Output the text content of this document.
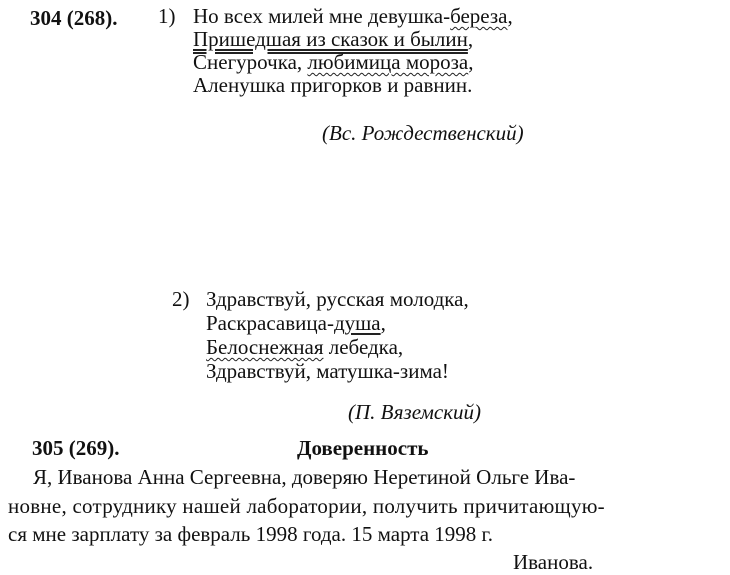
304 (268). 1) Но всех милей мне девушка-береза,
Пришедшая из сказок и былин,
Снегурочка, любимица мороза,
Аленушка пригорков и равнин.
(Вс. Рождественский)
2) Здравствуй, русская молодка,
Раскрасавица-душа,
Белоснежная лебедка,
Здравствуй, матушка-зима!
(П. Вяземский)
305 (269).	Доверенность
Я, Иванова Анна Сергеевна, доверяю Неретиной Ольге Ива-
новне, сотруднику нашей лаборатории, получить причитающую-
ся мне зарплату за февраль 1998 года. 15 марта 1998 г.
Иванова.
